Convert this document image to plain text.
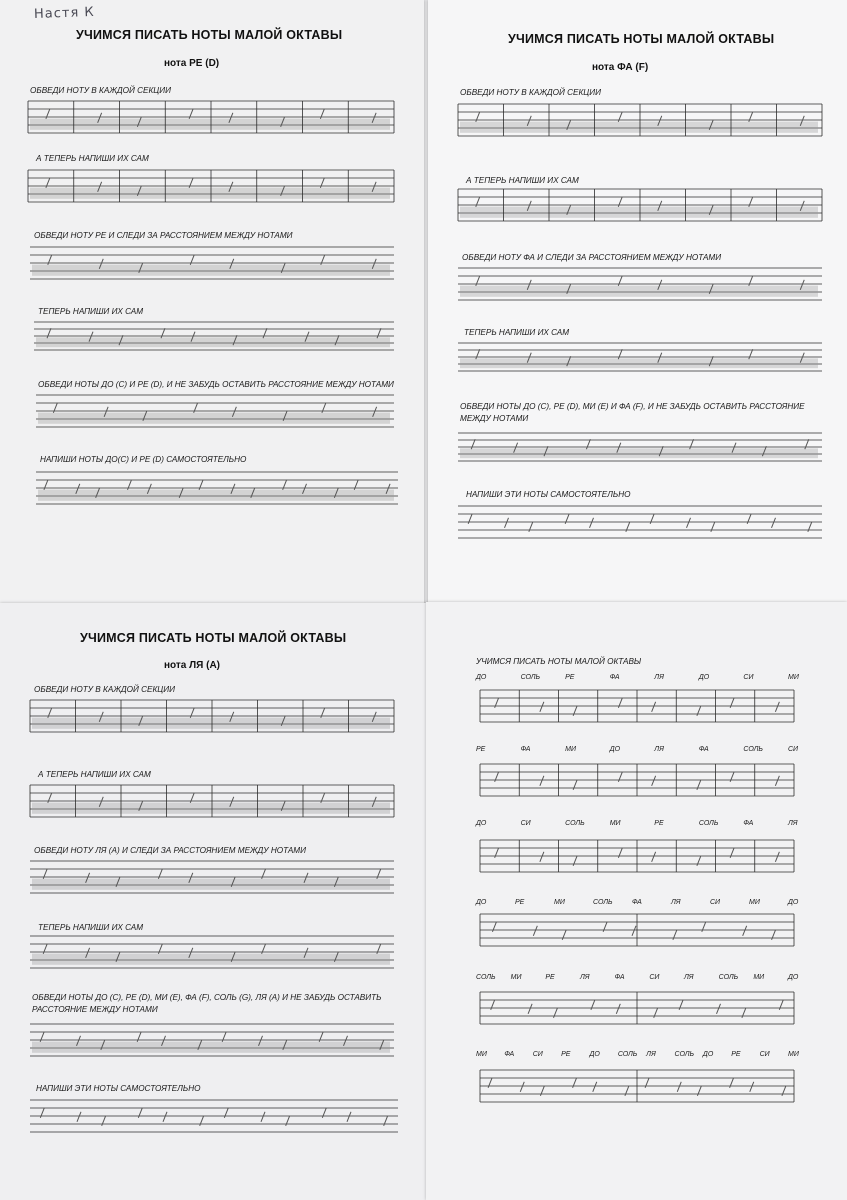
Настя К
УЧИМСЯ ПИСАТЬ НОТЫ МАЛОЙ ОКТАВЫ
нота РЕ (D)
ОБВЕДИ НОТУ В КАЖДОЙ СЕКЦИИ
А ТЕПЕРЬ НАПИШИ ИХ САМ
ОБВЕДИ НОТУ РЕ И СЛЕДИ ЗА РАССТОЯНИЕМ МЕЖДУ НОТАМИ
ТЕПЕРЬ НАПИШИ ИХ САМ
ОБВЕДИ НОТЫ ДО (C) И РЕ (D), И НЕ ЗАБУДЬ ОСТАВИТЬ РАССТОЯНИЕ МЕЖДУ НОТАМИ
НАПИШИ НОТЫ ДО(C) И РЕ (D) САМОСТОЯТЕЛЬНО
УЧИМСЯ ПИСАТЬ НОТЫ МАЛОЙ ОКТАВЫ
нота ФА (F)
ОБВЕДИ НОТУ В КАЖДОЙ СЕКЦИИ
А ТЕПЕРЬ НАПИШИ ИХ САМ
ОБВЕДИ НОТУ ФА И СЛЕДИ ЗА РАССТОЯНИЕМ МЕЖДУ НОТАМИ
ТЕПЕРЬ НАПИШИ ИХ САМ
ОБВЕДИ НОТЫ ДО (C), РЕ (D), МИ (E) И ФА (F), И НЕ ЗАБУДЬ ОСТАВИТЬ РАССТОЯНИЕ МЕЖДУ НОТАМИ
НАПИШИ ЭТИ НОТЫ САМОСТОЯТЕЛЬНО
УЧИМСЯ ПИСАТЬ НОТЫ МАЛОЙ ОКТАВЫ
нота ЛЯ (A)
ОБВЕДИ НОТУ В КАЖДОЙ СЕКЦИИ
А ТЕПЕРЬ НАПИШИ ИХ САМ
ОБВЕДИ НОТУ ЛЯ (A) И СЛЕДИ ЗА РАССТОЯНИЕМ МЕЖДУ НОТАМИ
ТЕПЕРЬ НАПИШИ ИХ САМ
ОБВЕДИ НОТЫ ДО (C), РЕ (D), МИ (E), ФА (F), СОЛЬ (G), ЛЯ (A) И НЕ ЗАБУДЬ ОСТАВИТЬ РАССТОЯНИЕ МЕЖДУ НОТАМИ
НАПИШИ ЭТИ НОТЫ САМОСТОЯТЕЛЬНО
УЧИМСЯ ПИСАТЬ НОТЫ МАЛОЙ ОКТАВЫ
ДО	СОЛЬ	РЕ	ФА	ЛЯ	ДО	СИ	МИ
РЕ	ФА	МИ	ДО	ЛЯ	ФА	СОЛЬ	СИ
ДО	СИ	СОЛЬ	МИ	РЕ	СОЛЬ	ФА	ЛЯ
ДО	РЕ	МИ	СОЛЬ	ФА	ЛЯ	СИ	МИ	ДО
СОЛЬ МИ	РЕ	ЛЯ	ФА	СИ	ЛЯ	СОЛЬ МИ	ДО
МИ	ФА	СИ	РЕ	ДО	СОЛЬ ЛЯ	СОЛЬ ДО	РЕ	СИ	МИ
